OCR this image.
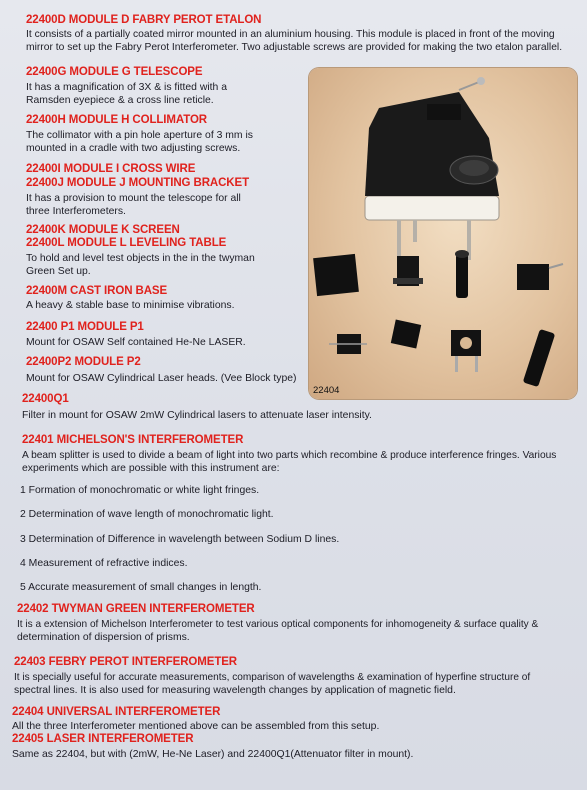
22400D MODULE D FABRY PEROT ETALON
It consists of a partially coated mirror mounted in an aluminium housing. This module is placed in front of the moving
mirror to set up the Fabry Perot Interferometer. Two adjustable screws are provided for making the two etalon parallel.
22400G MODULE G TELESCOPE
It has a magnification of 3X & is fitted with a
Ramsden eyepiece & a cross line reticle.
22400H MODULE H COLLIMATOR
The collimator with a pin hole aperture of 3 mm is
mounted in a cradle with two adjusting screws.
22400I MODULE I CROSS WIRE
22400J MODULE J MOUNTING BRACKET
It has a provision to mount the telescope for all
three Interferometers.
22400K MODULE K SCREEN
22400L MODULE L LEVELING TABLE
To hold and level test objects in the in the twyman
Green Set up.
22400M CAST IRON BASE
A heavy & stable base to minimise vibrations.
22400 P1 MODULE P1
Mount for OSAW Self contained He-Ne LASER.
22400P2 MODULE P2
Mount for OSAW Cylindrical Laser heads. (Vee Block type)
22400Q1
Filter in mount for OSAW 2mW Cylindrical lasers to attenuate laser intensity.
22401 MICHELSON'S INTERFEROMETER
A beam splitter is used to divide a beam of light into two parts which recombine & produce interference fringes. Various
experiments which are possible with this instrument are:
1 Formation of monochromatic or white light fringes.
2 Determination of wave length of monochromatic light.
3 Determination of Difference in wavelength between Sodium D lines.
4 Measurement of refractive indices.
5 Accurate measurement of small changes in length.
22402 TWYMAN GREEN INTERFEROMETER
It is a extension of Michelson Interferometer to test various optical components for inhomogeneity & surface quality &
determination of dispersion of prisms.
22403 FEBRY PEROT INTERFEROMETER
It is specially useful for accurate measurements, comparison of wavelengths & examination of hyperfine structure of
spectral lines. It is also used for measuring wavelength changes by application of magnetic field.
22404 UNIVERSAL INTERFEROMETER
All the three Interferometer mentioned above can be assembled from this setup.
22405 LASER INTERFEROMETER
Same as 22404, but with (2mW, He-Ne Laser) and 22400Q1(Attenuator filter in mount).
22404
